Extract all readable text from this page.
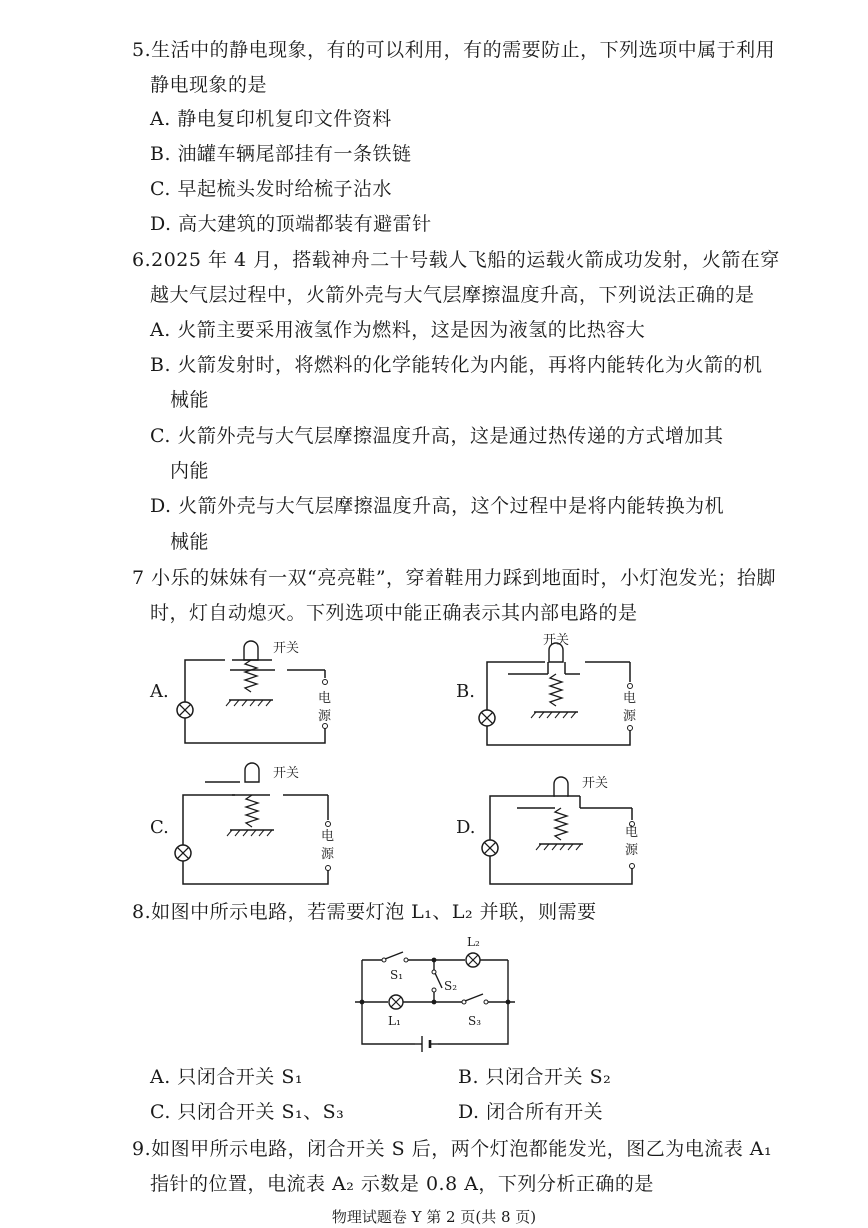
5.生活中的静电现象，有的可以利用，有的需要防止，下列选项中属于利用
静电现象的是
A. 静电复印机复印文件资料
B. 油罐车辆尾部挂有一条铁链
C. 早起梳头发时给梳子沾水
D. 高大建筑的顶端都装有避雷针
6.2025 年 4 月，搭载神舟二十号载人飞船的运载火箭成功发射，火箭在穿
越大气层过程中，火箭外壳与大气层摩擦温度升高，下列说法正确的是
A. 火箭主要采用液氢作为燃料，这是因为液氢的比热容大
B. 火箭发射时，将燃料的化学能转化为内能，再将内能转化为火箭的机
械能
C. 火箭外壳与大气层摩擦温度升高，这是通过热传递的方式增加其
内能
D. 火箭外壳与大气层摩擦温度升高，这个过程中是将内能转换为机
械能
7 小乐的妹妹有一双“亮亮鞋”，穿着鞋用力踩到地面时，小灯泡发光；抬脚
时，灯自动熄灭。下列选项中能正确表示其内部电路的是
A.
开关
电
源
B.
开关
电
源
C.
开关
电
源
D.
开关
电
源
8.如图中所示电路，若需要灯泡 L₁、L₂ 并联，则需要
S₁
S₂
S₃
L₁
L₂
A. 只闭合开关 S₁	B. 只闭合开关 S₂
C. 只闭合开关 S₁、S₃	D. 闭合所有开关
9.如图甲所示电路，闭合开关 S 后，两个灯泡都能发光，图乙为电流表 A₁
指针的位置，电流表 A₂ 示数是 0.8 A，下列分析正确的是
物理试题卷 Y 第 2 页(共 8 页)
